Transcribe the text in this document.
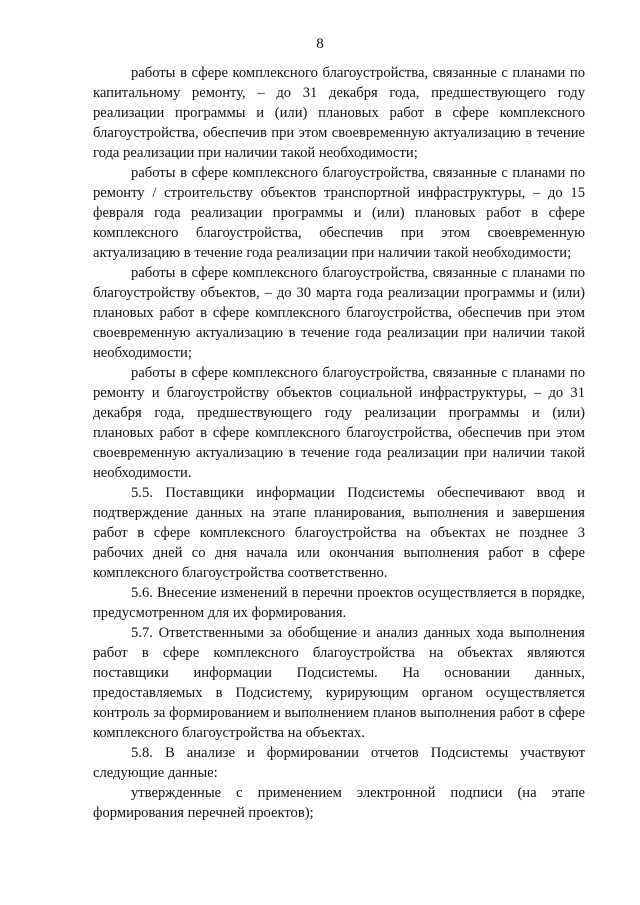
8

работы в сфере комплексного благоустройства, связанные с планами по капитальному ремонту, – до 31 декабря года, предшествующего году реализации программы и (или) плановых работ в сфере комплексного благоустройства, обеспечив при этом своевременную актуализацию в течение года реализации при наличии такой необходимости;

работы в сфере комплексного благоустройства, связанные с планами по ремонту / строительству объектов транспортной инфраструктуры, – до 15 февраля года реализации программы и (или) плановых работ в сфере комплексного благоустройства, обеспечив при этом своевременную актуализацию в течение года реализации при наличии такой необходимости;

работы в сфере комплексного благоустройства, связанные с планами по благоустройству объектов, – до 30 марта года реализации программы и (или) плановых работ в сфере комплексного благоустройства, обеспечив при этом своевременную актуализацию в течение года реализации при наличии такой необходимости;

работы в сфере комплексного благоустройства, связанные с планами по ремонту и благоустройству объектов социальной инфраструктуры, – до 31 декабря года, предшествующего году реализации программы и (или) плановых работ в сфере комплексного благоустройства, обеспечив при этом своевременную актуализацию в течение года реализации при наличии такой необходимости.

5.5. Поставщики информации Подсистемы обеспечивают ввод и подтверждение данных на этапе планирования, выполнения и завершения работ в сфере комплексного благоустройства на объектах не позднее 3 рабочих дней со дня начала или окончания выполнения работ в сфере комплексного благоустройства соответственно.

5.6. Внесение изменений в перечни проектов осуществляется в порядке, предусмотренном для их формирования.

5.7. Ответственными за обобщение и анализ данных хода выполнения работ в сфере комплексного благоустройства на объектах являются поставщики информации Подсистемы. На основании данных, предоставляемых в Подсистему, курирующим органом осуществляется контроль за формированием и выполнением планов выполнения работ в сфере комплексного благоустройства на объектах.

5.8. В анализе и формировании отчетов Подсистемы участвуют следующие данные:

утвержденные с применением электронной подписи (на этапе формирования перечней проектов);
